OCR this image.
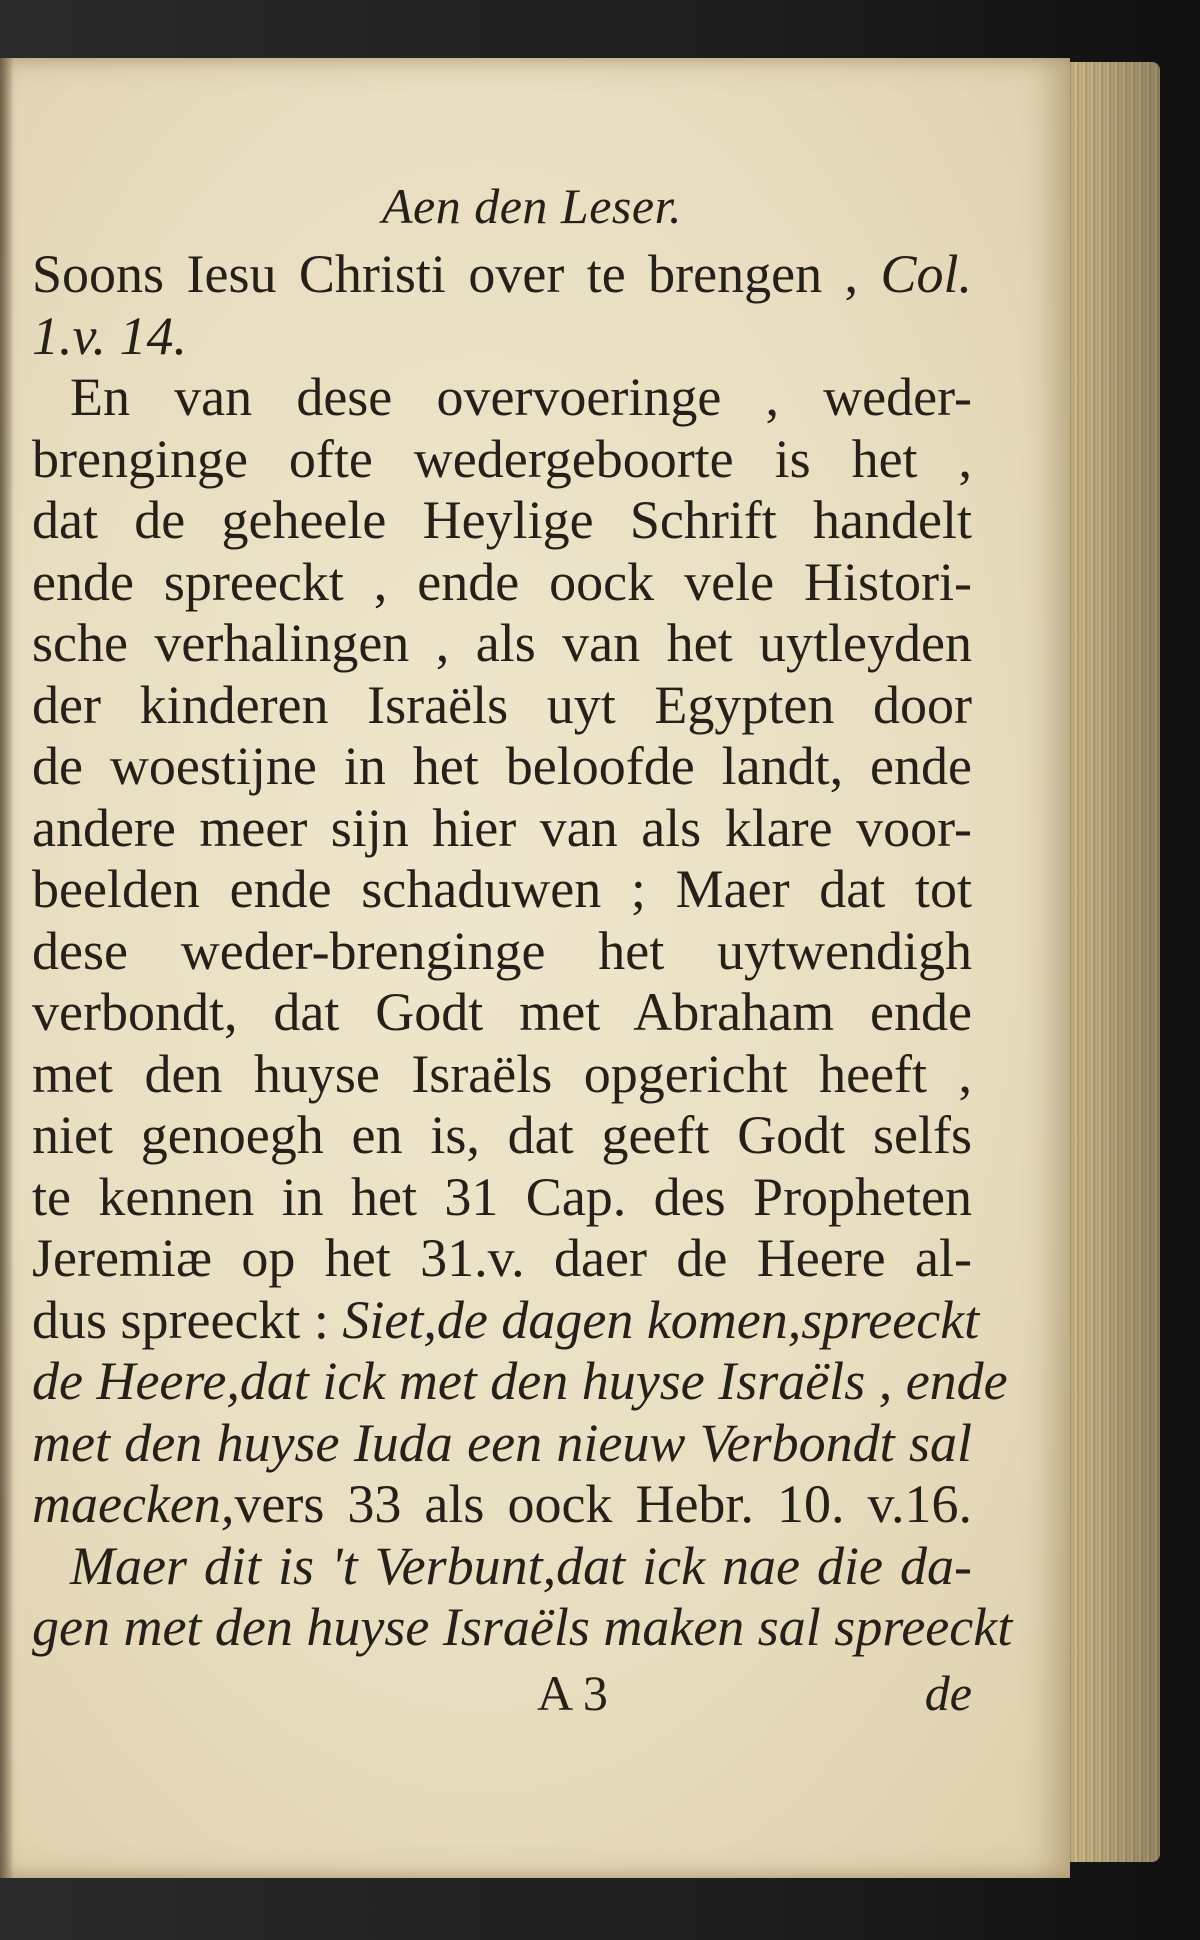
Aen den Leser.
Soons Iesu Christi over te brengen , Col.
1.v. 14.
En van dese overvoeringe , weder-
brenginge ofte wedergeboorte is het ,
dat de geheele Heylige Schrift handelt
ende spreeckt , ende oock vele Histori-
sche verhalingen , als van het uytleyden
der kinderen Israëls uyt Egypten door
de woestijne in het beloofde landt, ende
andere meer sijn hier van als klare voor-
beelden ende schaduwen ; Maer dat tot
dese weder-brenginge het uytwendigh
verbondt, dat Godt met Abraham ende
met den huyse Israëls opgericht heeft ,
niet genoegh en is, dat geeft Godt selfs
te kennen in het 31 Cap. des Propheten
Jeremiæ op het 31.v. daer de Heere al-
dus spreeckt : Siet,de dagen komen,spreeckt
de Heere,dat ick met den huyse Israëls , ende
met den huyse Iuda een nieuw Verbondt sal
maecken,vers 33 als oock Hebr. 10. v.16.
Maer dit is 't Verbunt,dat ick nae die da-
gen met den huyse Israëls maken sal spreeckt
A 3	de
